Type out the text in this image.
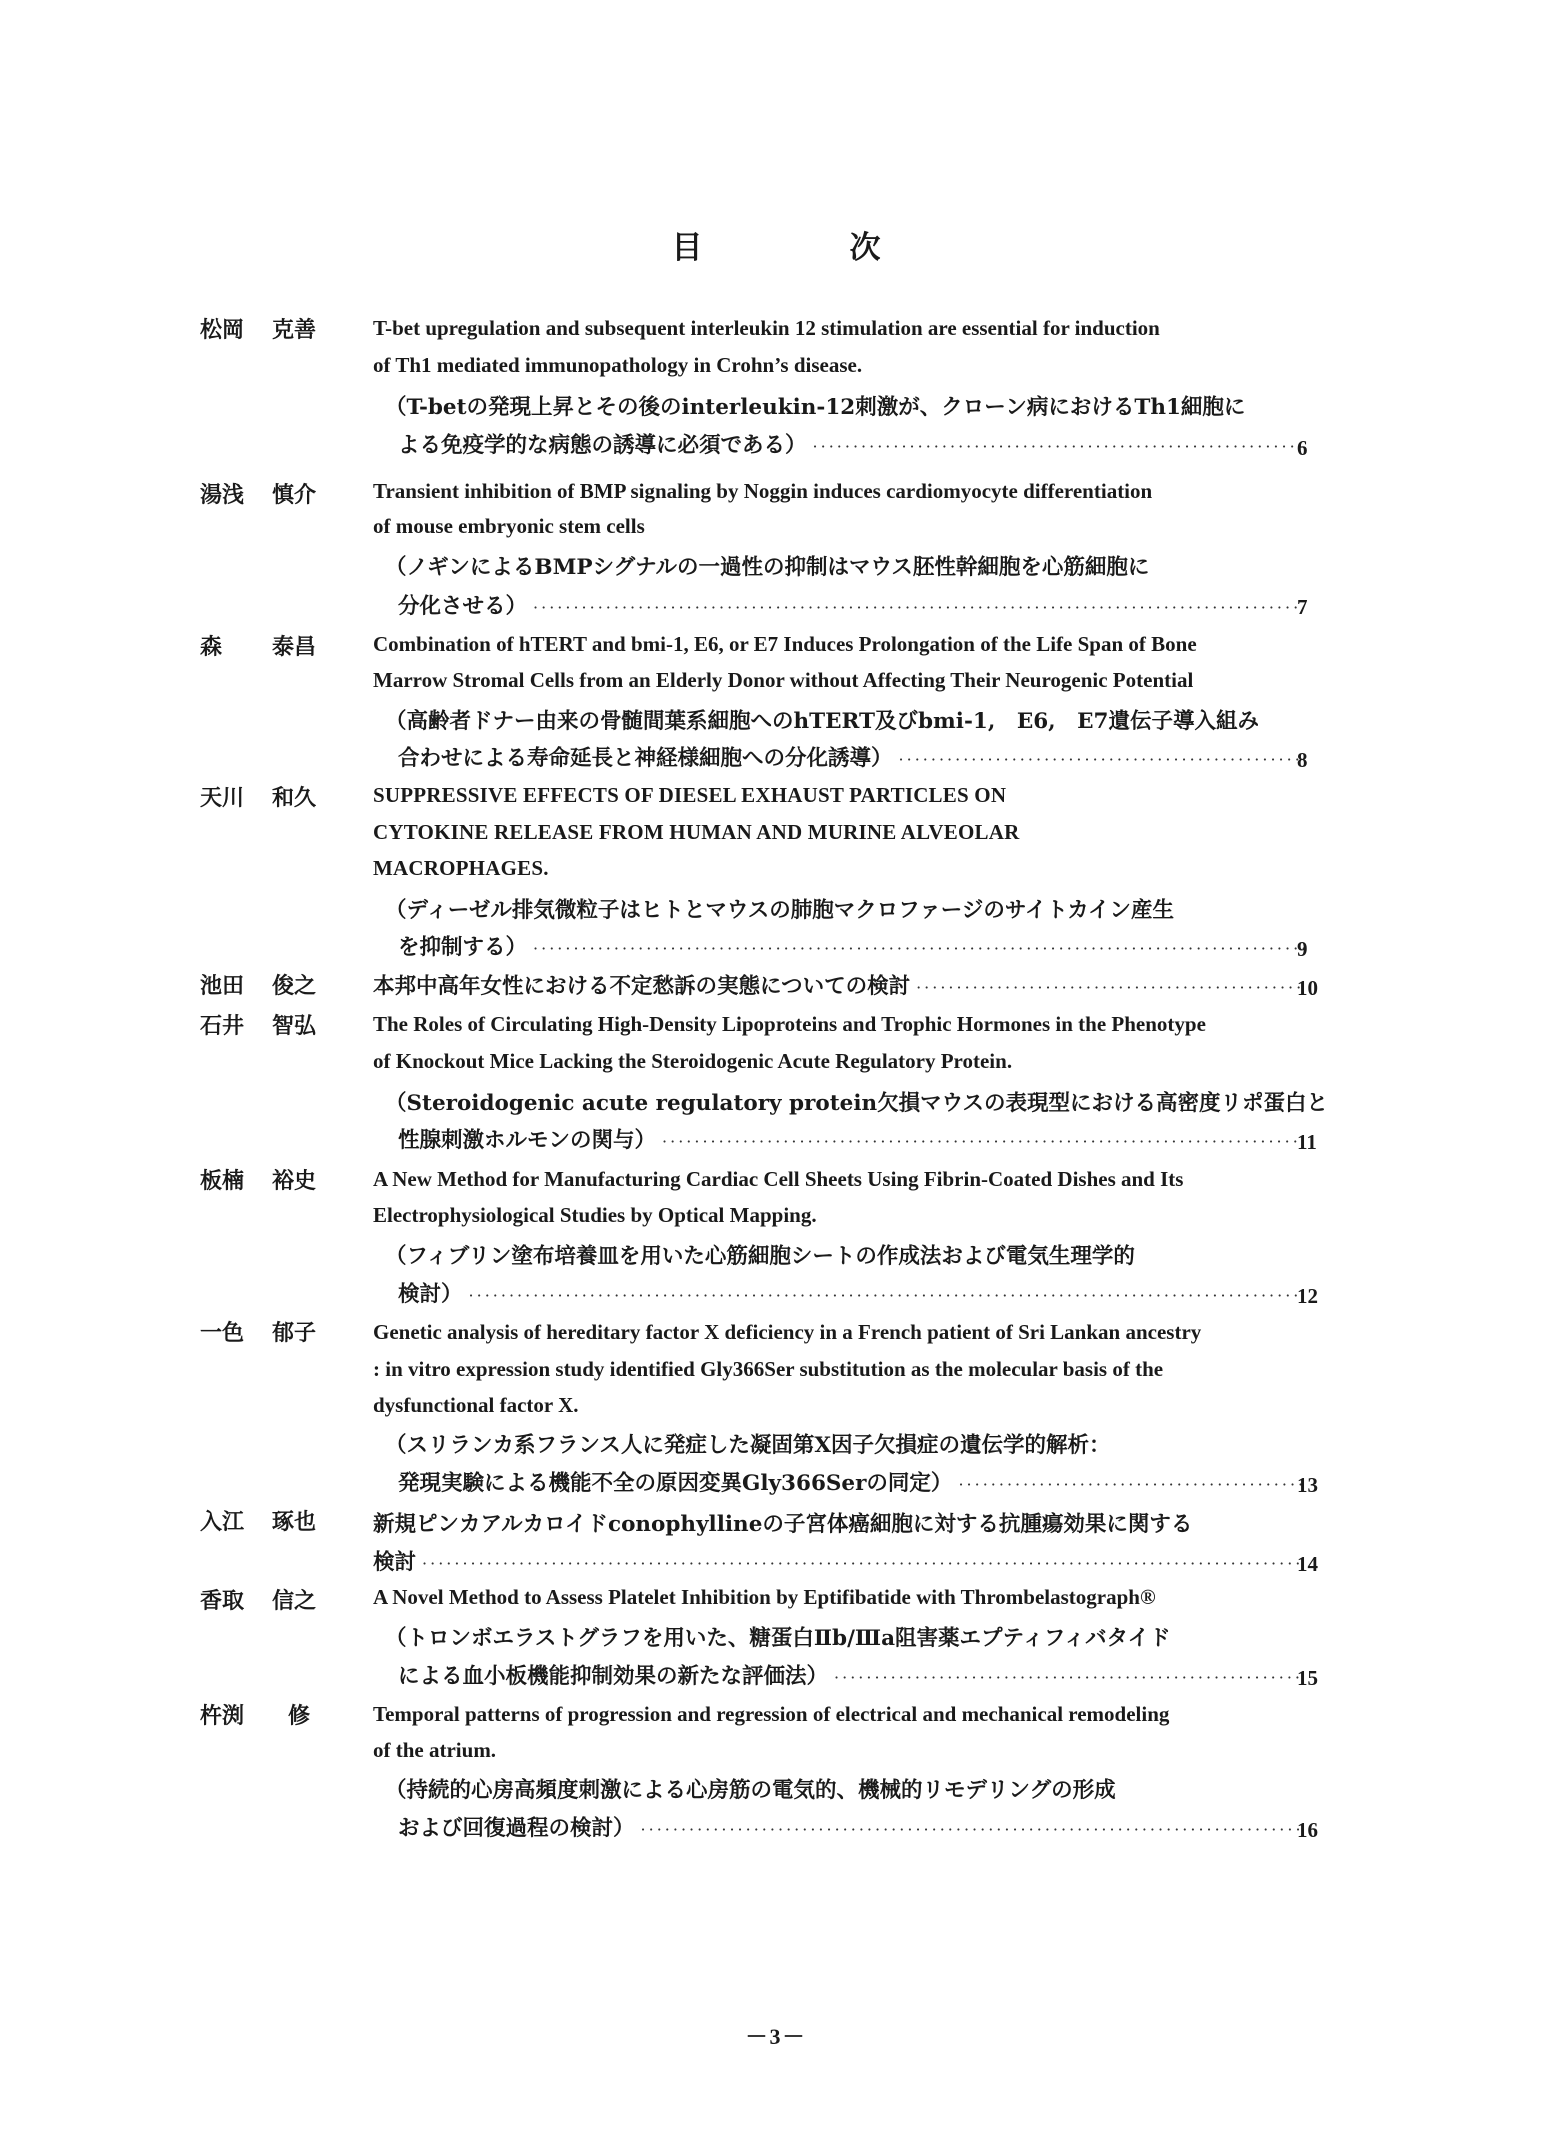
目　次
松岡 克善	T-bet upregulation and subsequent interleukin 12 stimulation are essential for induction
of Th1 mediated immunopathology in Crohn’s disease.
（T-betの発現上昇とその後のinterleukin-12刺激が、クローン病におけるTh1細胞に
よる免疫学的な病態の誘導に必須である） ·····	6
湯浅 慎介	Transient inhibition of BMP signaling by Noggin induces cardiomyocyte differentiation
of mouse embryonic stem cells
（ノギンによるBMPシグナルの一過性の抑制はマウス胚性幹細胞を心筋細胞に
分化させる） ·····	7
森 泰昌	Combination of hTERT and bmi-1, E6, or E7 Induces Prolongation of the Life Span of Bone
Marrow Stromal Cells from an Elderly Donor without Affecting Their Neurogenic Potential
（高齢者ドナー由来の骨髄間葉系細胞へのhTERT及びbmi-1,　E6,　E7遺伝子導入組み
合わせによる寿命延長と神経様細胞への分化誘導） ·····	8
天川 和久	SUPPRESSIVE EFFECTS OF DIESEL EXHAUST PARTICLES ON
CYTOKINE RELEASE FROM HUMAN AND MURINE ALVEOLAR
MACROPHAGES.
（ディーゼル排気微粒子はヒトとマウスの肺胞マクロファージのサイトカイン産生
を抑制する） ·····	9
池田 俊之	本邦中高年女性における不定愁訴の実態についての検討 ·····	10
石井 智弘	The Roles of Circulating High-Density Lipoproteins and Trophic Hormones in the Phenotype
of Knockout Mice Lacking the Steroidogenic Acute Regulatory Protein.
（Steroidogenic acute regulatory protein欠損マウスの表現型における高密度リポ蛋白と
性腺刺激ホルモンの関与） ·····	11
板楠 裕史	A New Method for Manufacturing Cardiac Cell Sheets Using Fibrin-Coated Dishes and Its
Electrophysiological Studies by Optical Mapping.
（フィブリン塗布培養皿を用いた心筋細胞シートの作成法および電気生理学的
検討） ·····	12
一色 郁子	Genetic analysis of hereditary factor X deficiency in a French patient of Sri Lankan ancestry
: in vitro expression study identified Gly366Ser substitution as the molecular basis of the
dysfunctional factor X.
（スリランカ系フランス人に発症した凝固第X因子欠損症の遺伝学的解析：
発現実験による機能不全の原因変異Gly366Serの同定） ·····	13
入江 琢也	新規ピンカアルカロイドconophyllineの子宮体癌細胞に対する抗腫瘍効果に関する
検討 ·····	14
香取 信之	A Novel Method to Assess Platelet Inhibition by Eptifibatide with Thrombelastograph®
（トロンボエラストグラフを用いた、糖蛋白Ⅱb/Ⅲa阻害薬エプティフィバタイド
による血小板機能抑制効果の新たな評価法） ·····	15
杵渕 修	Temporal patterns of progression and regression of electrical and mechanical remodeling
of the atrium.
（持続的心房高頻度刺激による心房筋の電気的、機械的リモデリングの形成
および回復過程の検討） ·····	16
－3－
